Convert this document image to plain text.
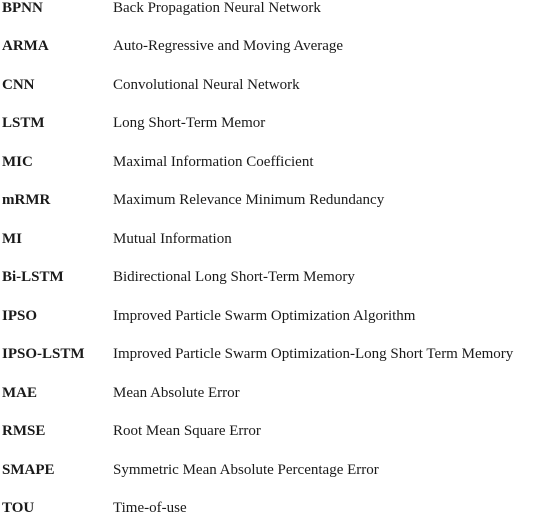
BPNN	Back Propagation Neural Network
ARMA	Auto-Regressive and Moving Average
CNN	Convolutional Neural Network
LSTM	Long Short-Term Memor
MIC	Maximal Information Coefficient
mRMR	Maximum Relevance Minimum Redundancy
MI	Mutual Information
Bi-LSTM	Bidirectional Long Short-Term Memory
IPSO	Improved Particle Swarm Optimization Algorithm
IPSO-LSTM Improved Particle Swarm Optimization-Long Short Term Memory
MAE	Mean Absolute Error
RMSE	Root Mean Square Error
SMAPE	Symmetric Mean Absolute Percentage Error
TOU	Time-of-use
